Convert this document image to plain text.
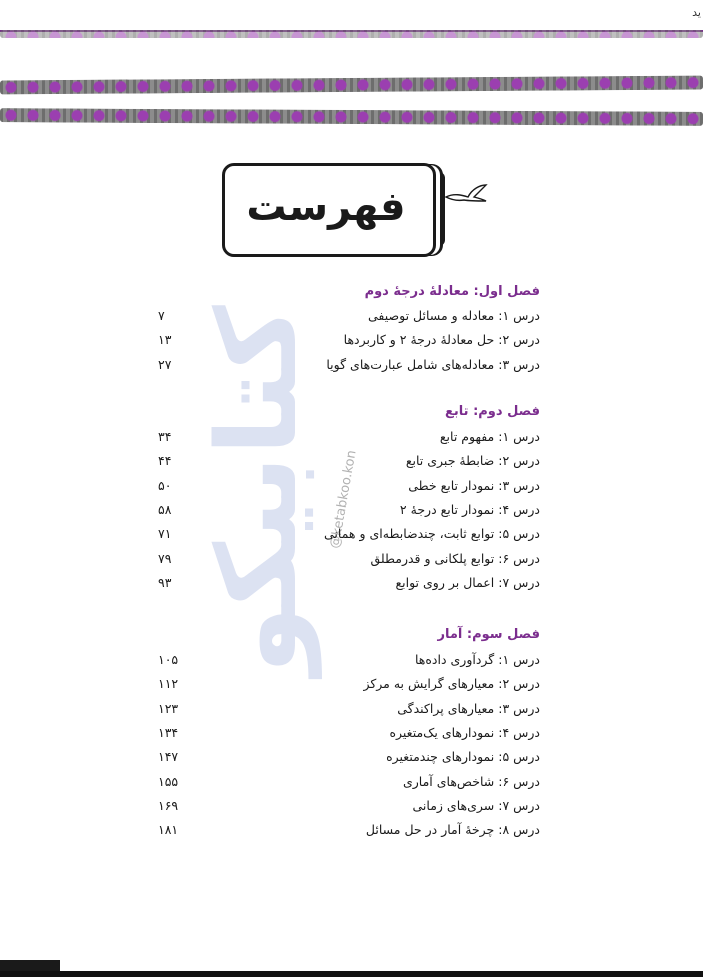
ید
فهرست
کتابیکو @ketabkoo.kon
فصل اول: معادلهٔ درجهٔ دوم
درس ۱: معادله و مسائل توصیفی
۷
درس ۲: حل معادلهٔ درجهٔ ۲ و کاربردها
۱۳
درس ۳: معادله‌های شامل عبارت‌های گویا
۲۷
فصل دوم: تابع
درس ۱: مفهوم تابع
۳۴
درس ۲: ضابطهٔ جبری تابع
۴۴
درس ۳: نمودار تابع خطی
۵۰
درس ۴: نمودار تابع درجهٔ ۲
۵۸
درس ۵: توابع ثابت، چندضابطه‌ای و همانی
۷۱
درس ۶: توابع پلکانی و قدرمطلق
۷۹
درس ۷: اعمال بر روی توابع
۹۳
فصل سوم: آمار
درس ۱: گردآوری داده‌ها
۱۰۵
درس ۲: معیارهای گرایش به مرکز
۱۱۲
درس ۳: معیارهای پراکندگی
۱۲۳
درس ۴: نمودارهای یک‌متغیره
۱۳۴
درس ۵: نمودارهای چندمتغیره
۱۴۷
درس ۶: شاخص‌های آماری
۱۵۵
درس ۷: سری‌های زمانی
۱۶۹
درس ۸: چرخهٔ آمار در حل مسائل
۱۸۱
